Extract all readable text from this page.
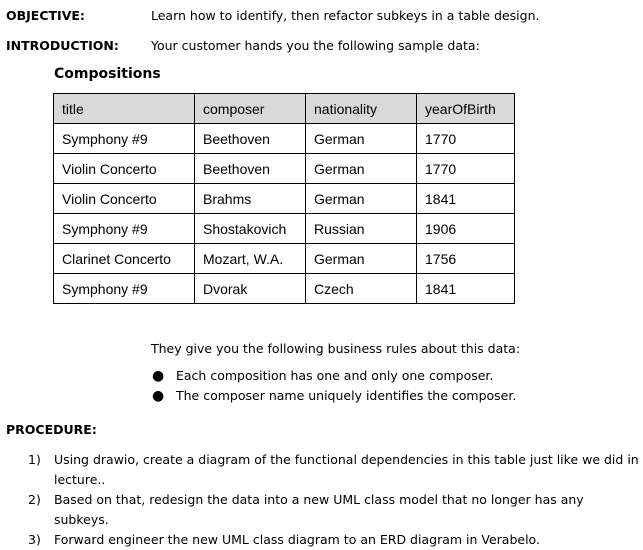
OBJECTIVE:	Learn how to identify, then refactor subkeys in a table design.
INTRODUCTION:	Your customer hands you the following sample data:
Compositions
title	composer	nationality	yearOfBirth
Symphony #9	Beethoven	German	1770
Violin Concerto	Beethoven	German	1770
Violin Concerto	Brahms	German	1841
Symphony #9	Shostakovich	Russian	1906
Clarinet Concerto	Mozart, W.A.	German	1756
Symphony #9	Dvorak	Czech	1841
They give you the following business rules about this data:
● Each composition has one and only one composer.
● The composer name uniquely identifies the composer.
PROCEDURE:
1) Using drawio, create a diagram of the functional dependencies in this table just like we did in lecture..
2) Based on that, redesign the data into a new UML class model that no longer has any subkeys.
3) Forward engineer the new UML class diagram to an ERD diagram in Verabelo.
